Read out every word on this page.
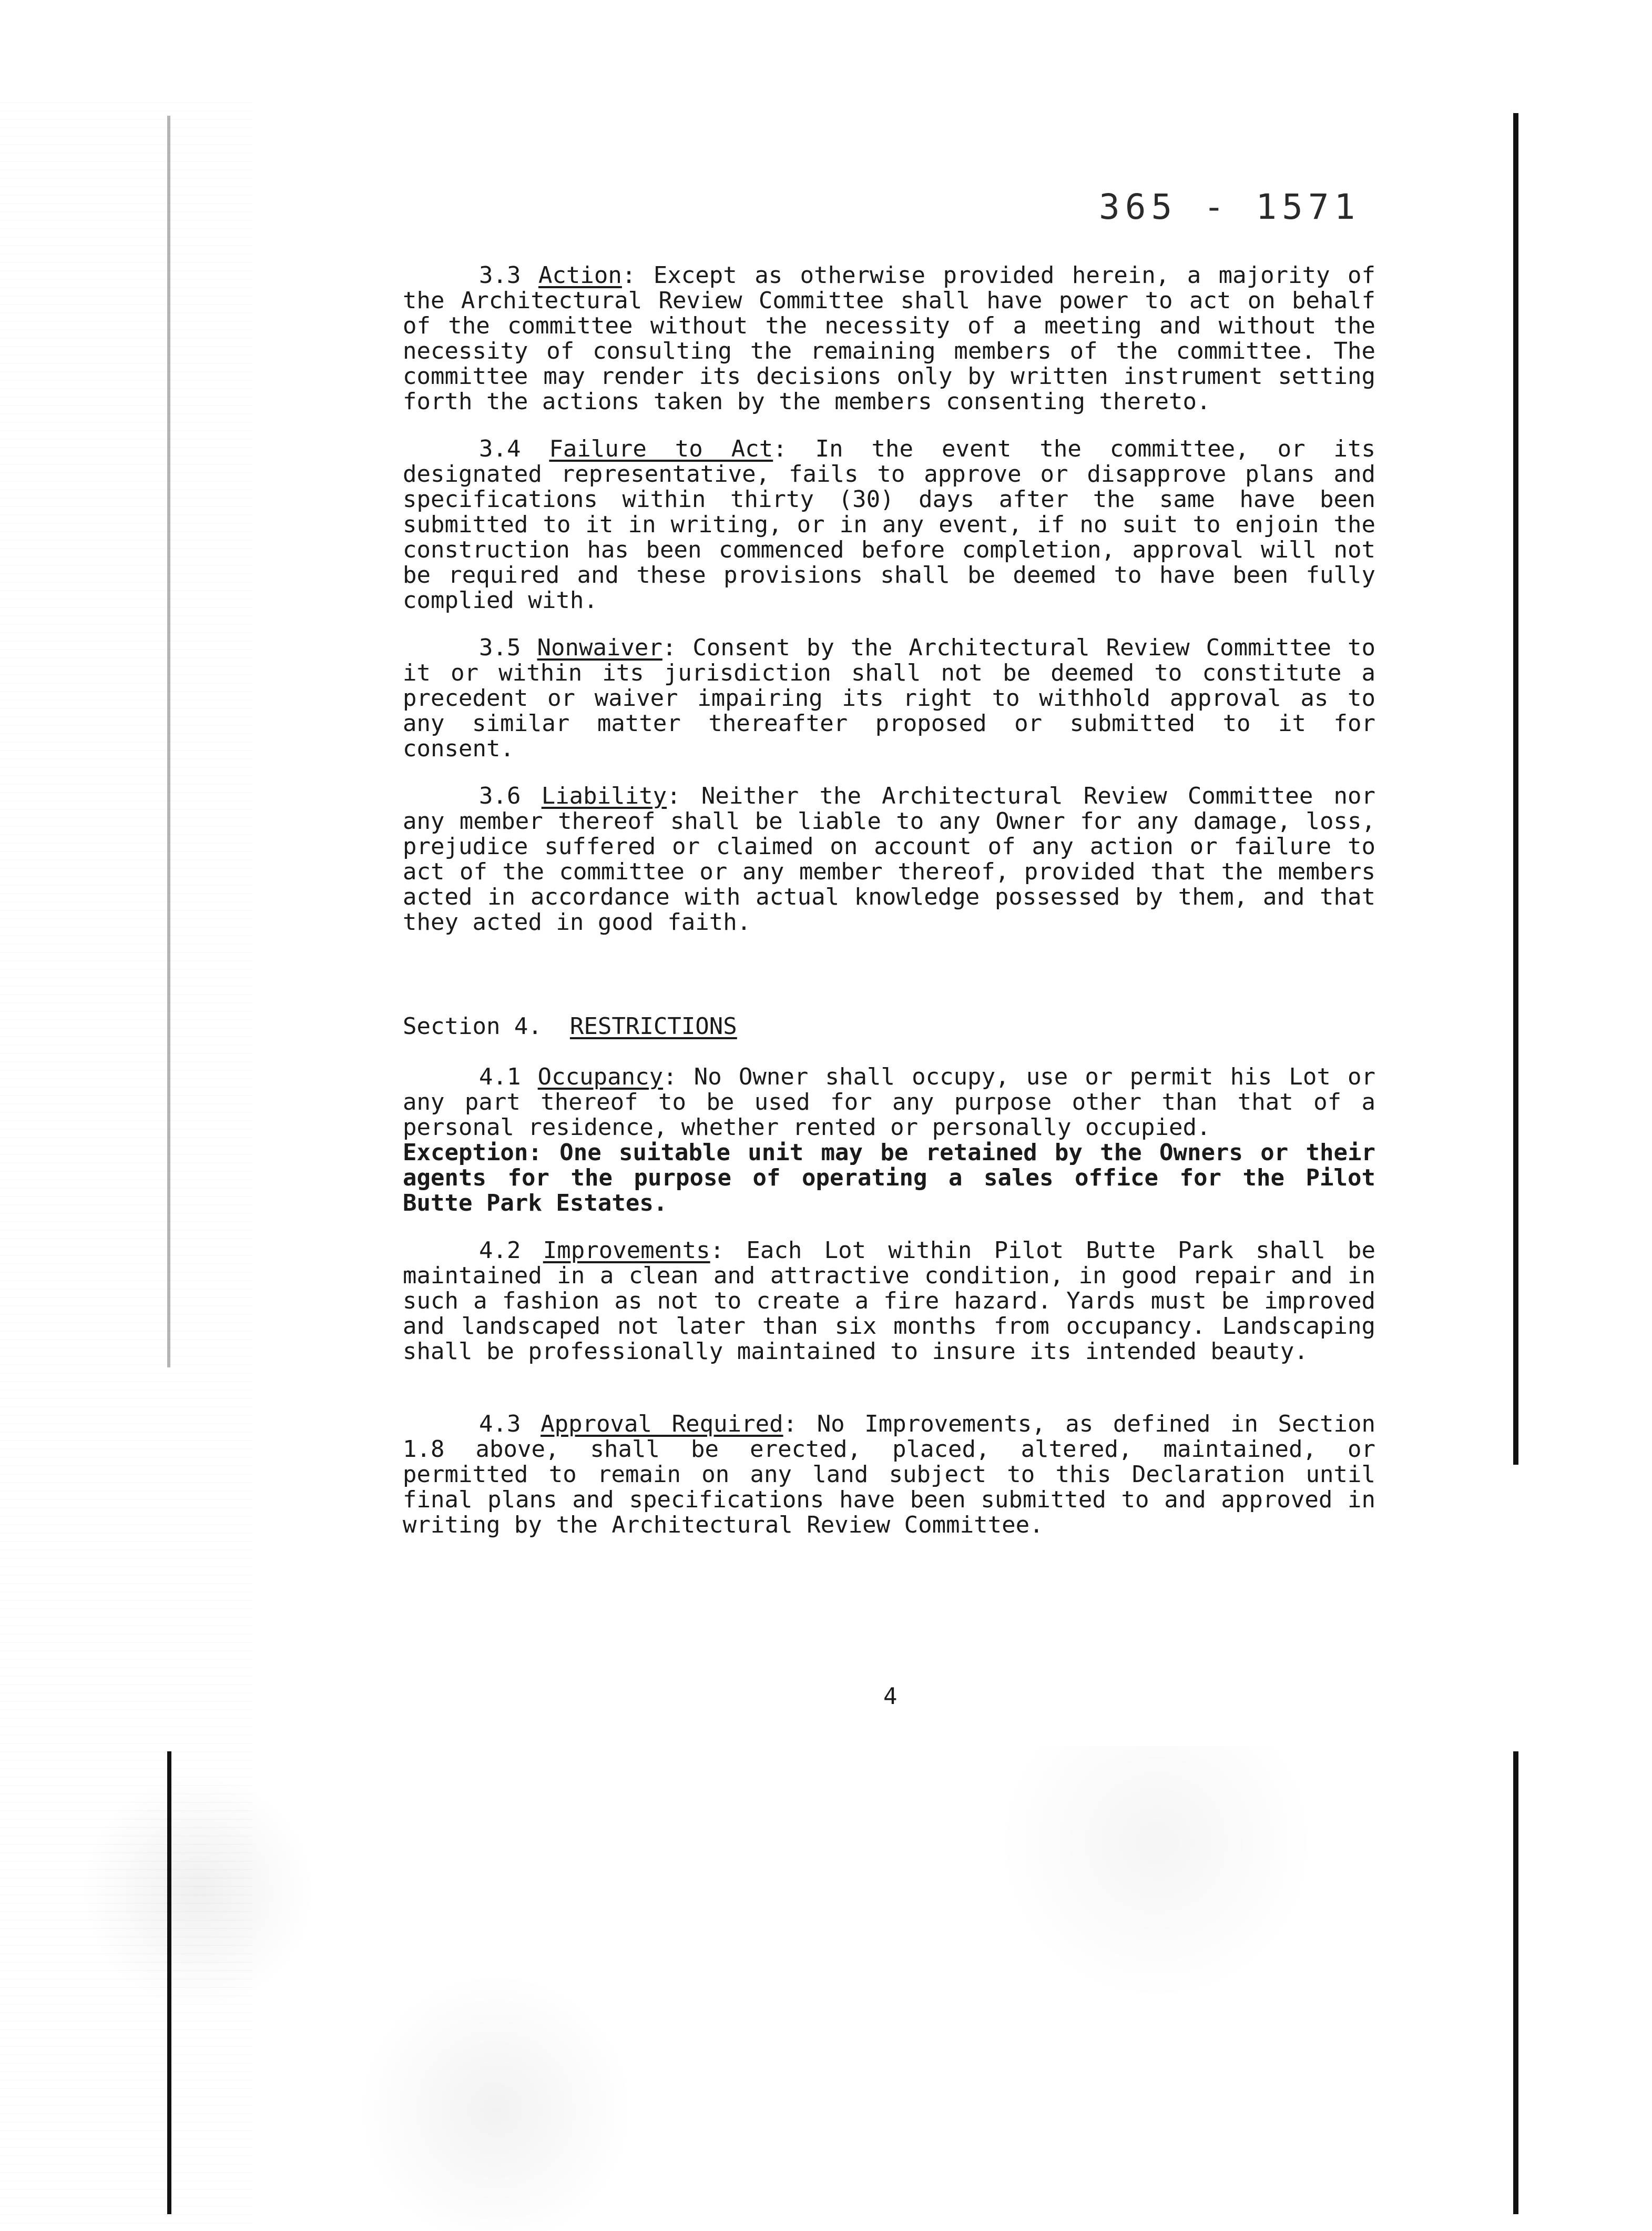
365 - 1571

3.3 Action: Except as otherwise provided herein, a majority of the Architectural Review Committee shall have power to act on behalf of the committee without the necessity of a meeting and without the necessity of consulting the remaining members of the committee. The committee may render its decisions only by written instrument setting forth the actions taken by the members consenting thereto.

3.4 Failure to Act: In the event the committee, or its designated representative, fails to approve or disapprove plans and specifications within thirty (30) days after the same have been submitted to it in writing, or in any event, if no suit to enjoin the construction has been commenced before completion, approval will not be required and these provisions shall be deemed to have been fully complied with.

3.5 Nonwaiver: Consent by the Architectural Review Committee to it or within its jurisdiction shall not be deemed to constitute a precedent or waiver impairing its right to withhold approval as to any similar matter thereafter proposed or submitted to it for consent.

3.6 Liability: Neither the Architectural Review Committee nor any member thereof shall be liable to any Owner for any damage, loss, prejudice suffered or claimed on account of any action or failure to act of the committee or any member thereof, provided that the members acted in accordance with actual knowledge possessed by them, and that they acted in good faith.

Section 4. RESTRICTIONS

4.1 Occupancy: No Owner shall occupy, use or permit his Lot or any part thereof to be used for any purpose other than that of a personal residence, whether rented or personally occupied.
Exception: One suitable unit may be retained by the Owners or their agents for the purpose of operating a sales office for the Pilot Butte Park Estates.

4.2 Improvements: Each Lot within Pilot Butte Park shall be maintained in a clean and attractive condition, in good repair and in such a fashion as not to create a fire hazard. Yards must be improved and landscaped not later than six months from occupancy. Landscaping shall be professionally maintained to insure its intended beauty.

4.3 Approval Required: No Improvements, as defined in Section 1.8 above, shall be erected, placed, altered, maintained, or permitted to remain on any land subject to this Declaration until final plans and specifications have been submitted to and approved in writing by the Architectural Review Committee.

4
